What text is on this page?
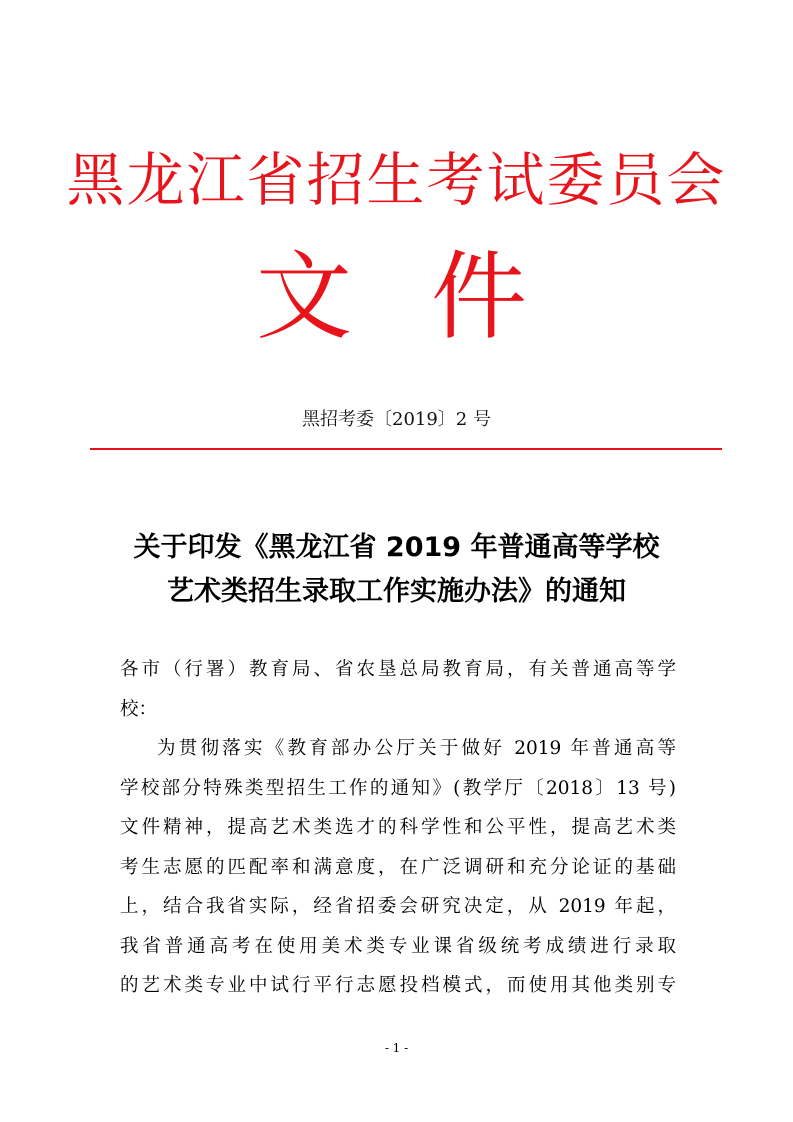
黑龙江省招生考试委员会
文 件
黑招考委〔2019〕2 号
关于印发《黑龙江省 2019 年普通高等学校
艺术类招生录取工作实施办法》的通知
各市（行署）教育局、省农垦总局教育局，有关普通高等学
校：
为贯彻落实《教育部办公厅关于做好 2019 年普通高等
学校部分特殊类型招生工作的通知》(教学厅〔2018〕13 号)
文件精神，提高艺术类选才的科学性和公平性，提高艺术类
考生志愿的匹配率和满意度，在广泛调研和充分论证的基础
上，结合我省实际，经省招委会研究决定，从 2019 年起，
我省普通高考在使用美术类专业课省级统考成绩进行录取
的艺术类专业中试行平行志愿投档模式，而使用其他类别专
- 1 -
